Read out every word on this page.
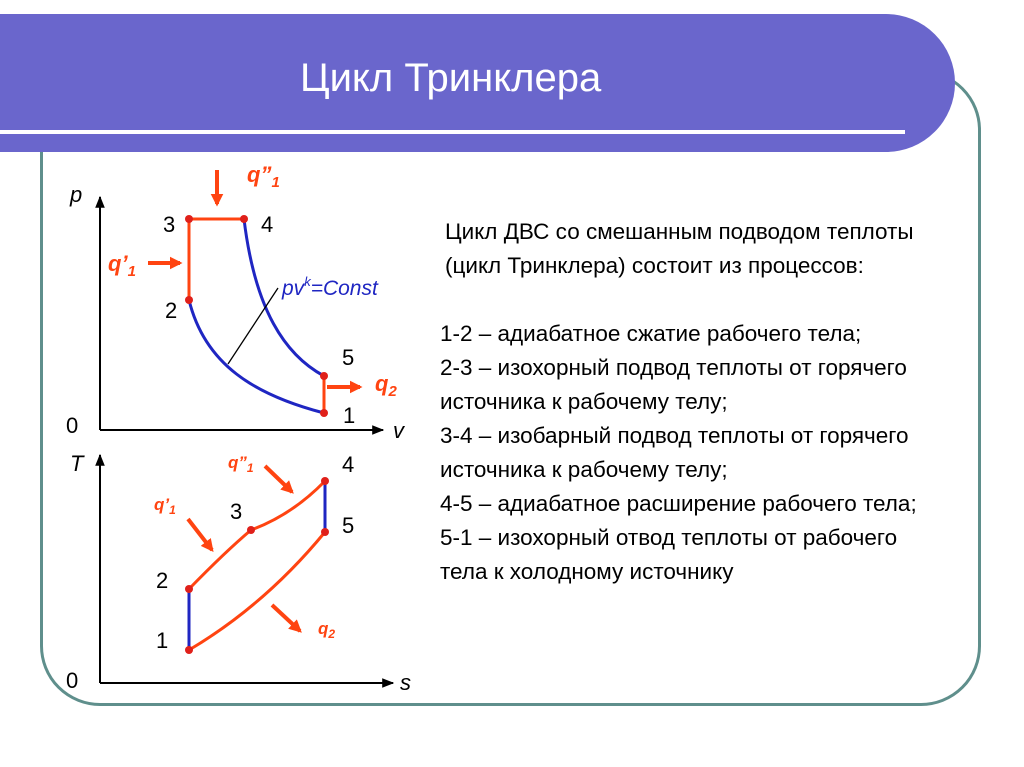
Цикл Тринклера
p
v
0	1
2
3	4
5
$q”_1$
$q’_1$
$q_2$
$pv^k=Const$
T
s
0
1
2
3
4
5
$q’_1$
$q”_1$
$q_2$

Цикл ДВС со смешанным подводом теплоты (цикл Тринклера) состоит из процессов:

1-2 – адиабатное сжатие рабочего тела;

2-3 – изохорный подвод теплоты от горячего источника к рабочему телу;

3-4 – изобарный подвод теплоты от горячего источника к рабочему телу;

4-5 – адиабатное расширение рабочего тела;

5-1 – изохорный отвод теплоты от рабочего тела к холодному источнику
